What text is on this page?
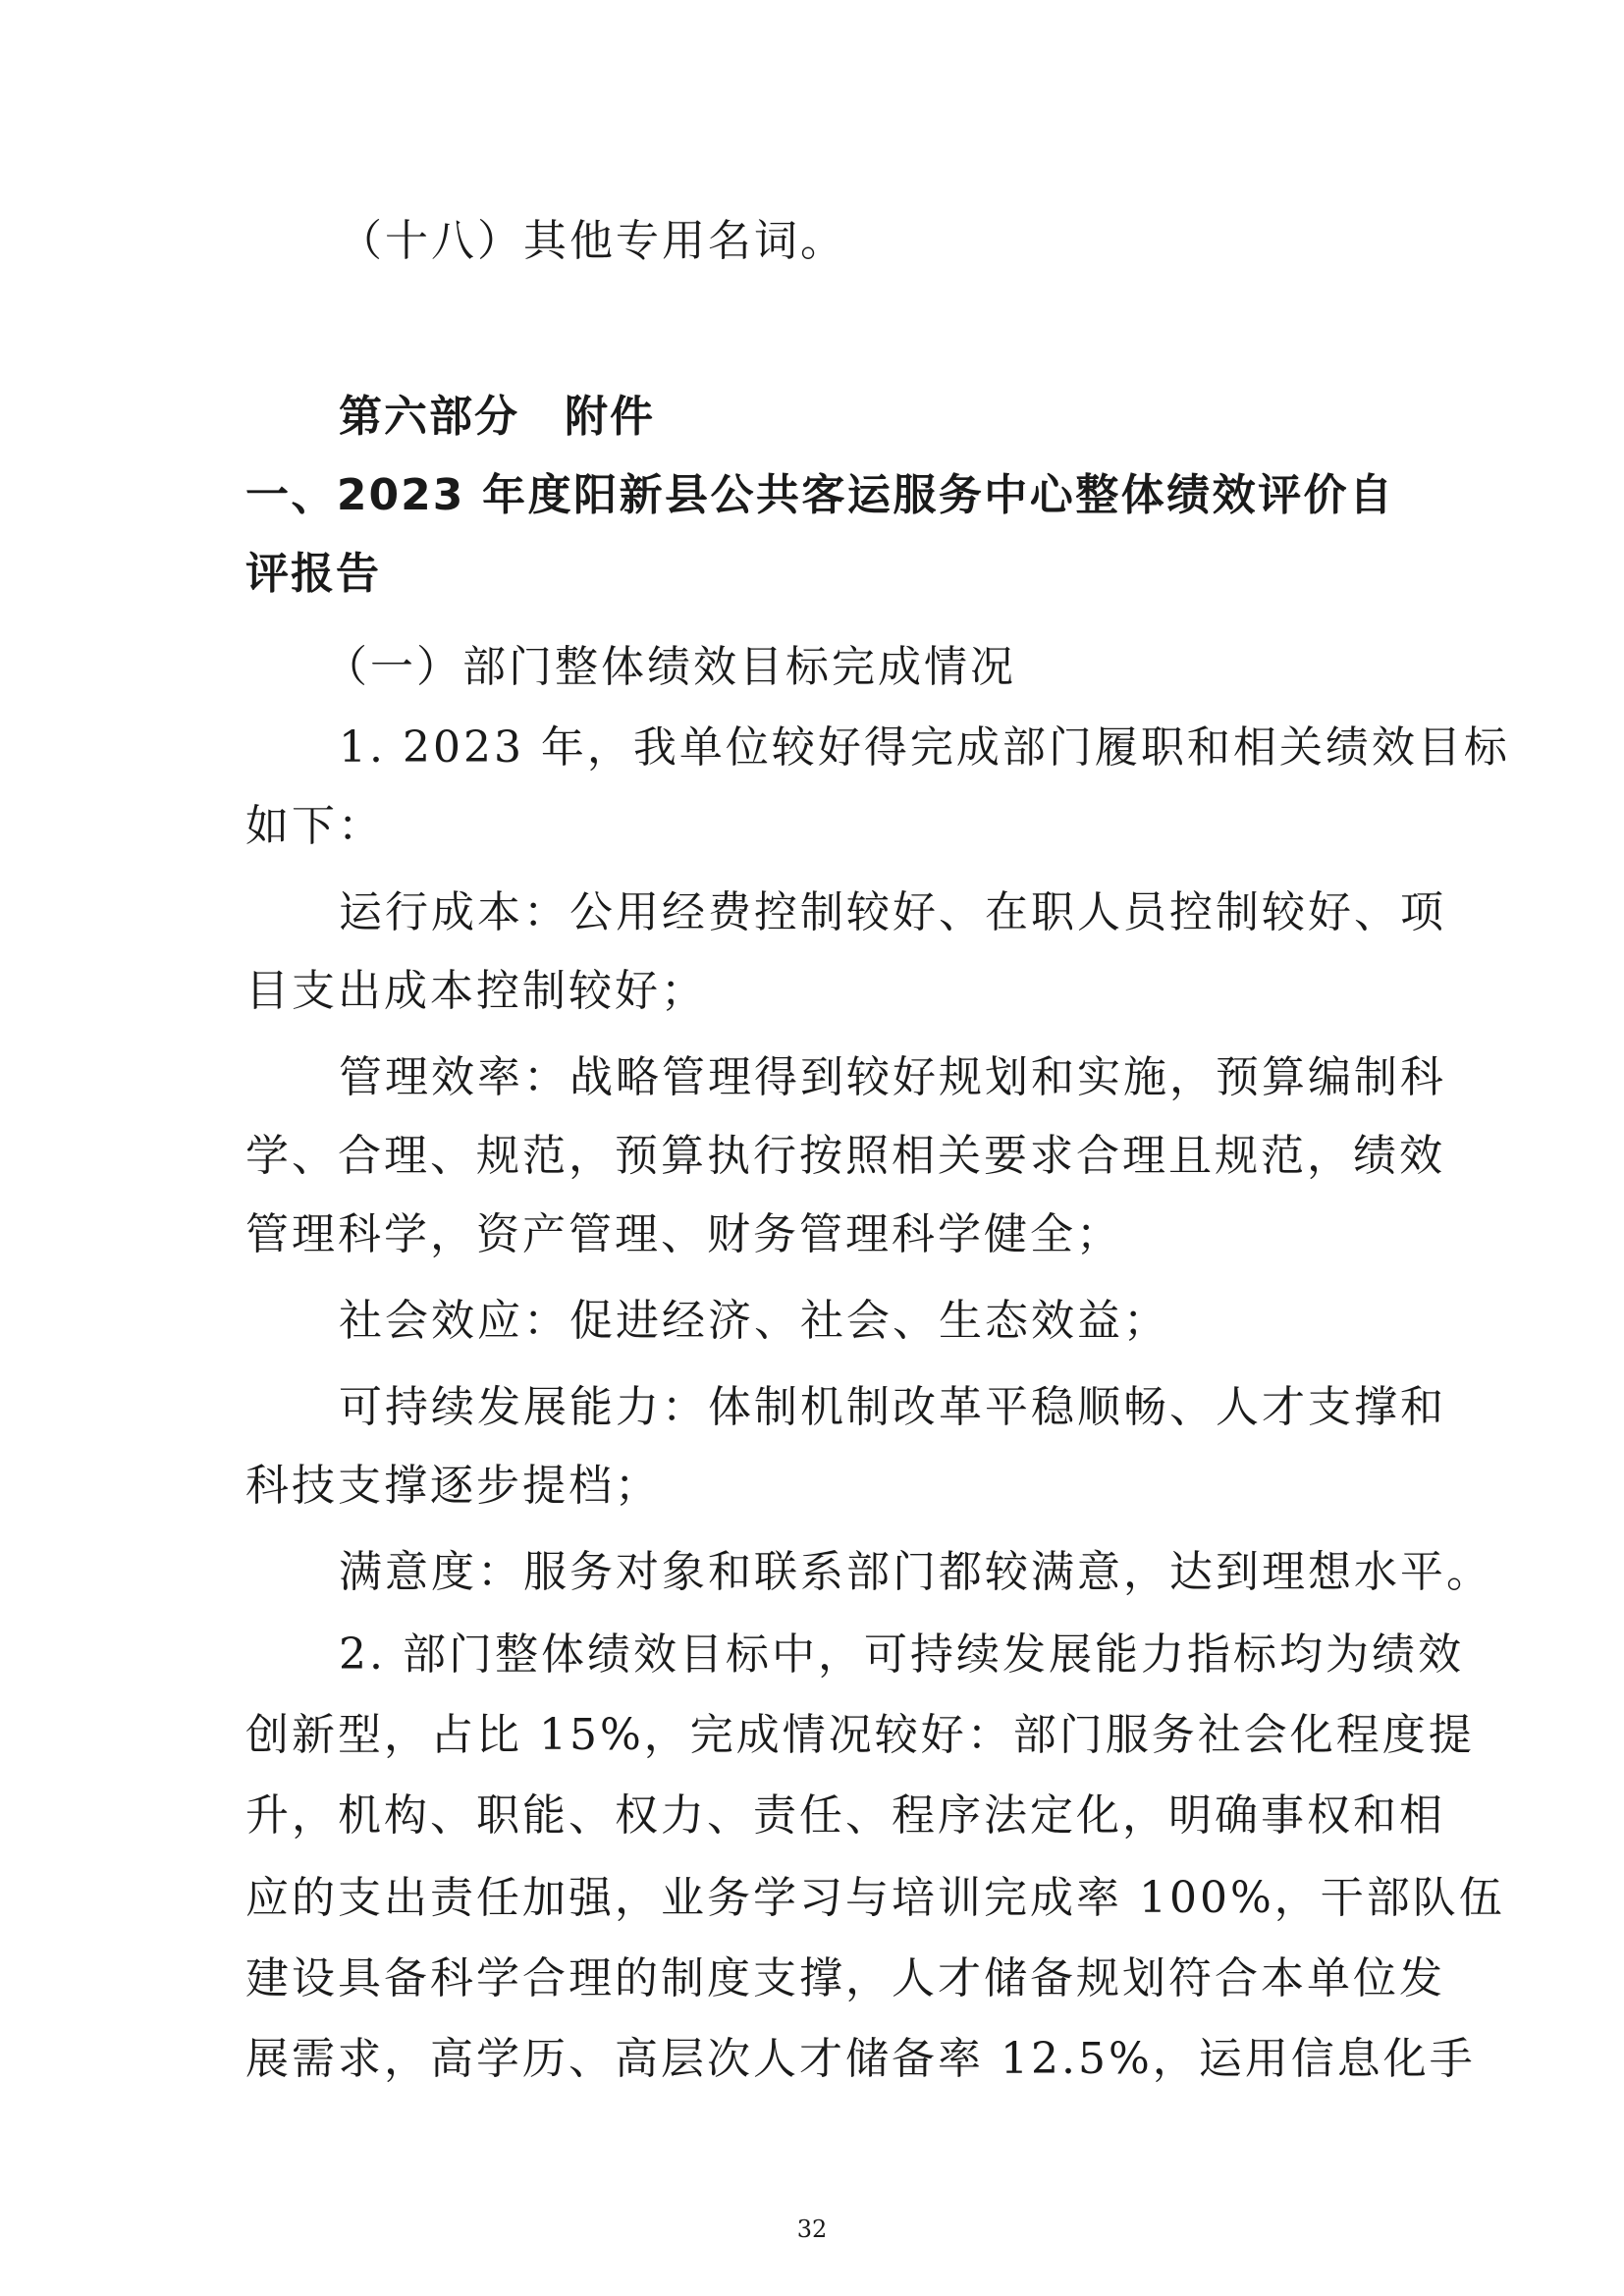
（十八）其他专用名词。
第六部分　附件
一、2023 年度阳新县公共客运服务中心整体绩效评价自
评报告
（一）部门整体绩效目标完成情况
1. 2023 年，我单位较好得完成部门履职和相关绩效目标
如下：
运行成本：公用经费控制较好、在职人员控制较好、项
目支出成本控制较好；
管理效率：战略管理得到较好规划和实施，预算编制科
学、合理、规范，预算执行按照相关要求合理且规范，绩效
管理科学，资产管理、财务管理科学健全；
社会效应：促进经济、社会、生态效益；
可持续发展能力：体制机制改革平稳顺畅、人才支撑和
科技支撑逐步提档；
满意度：服务对象和联系部门都较满意，达到理想水平。
2. 部门整体绩效目标中，可持续发展能力指标均为绩效
创新型，占比 15%，完成情况较好：部门服务社会化程度提
升，机构、职能、权力、责任、程序法定化，明确事权和相
应的支出责任加强，业务学习与培训完成率 100%，干部队伍
建设具备科学合理的制度支撑，人才储备规划符合本单位发
展需求，高学历、高层次人才储备率 12.5%，运用信息化手
32
